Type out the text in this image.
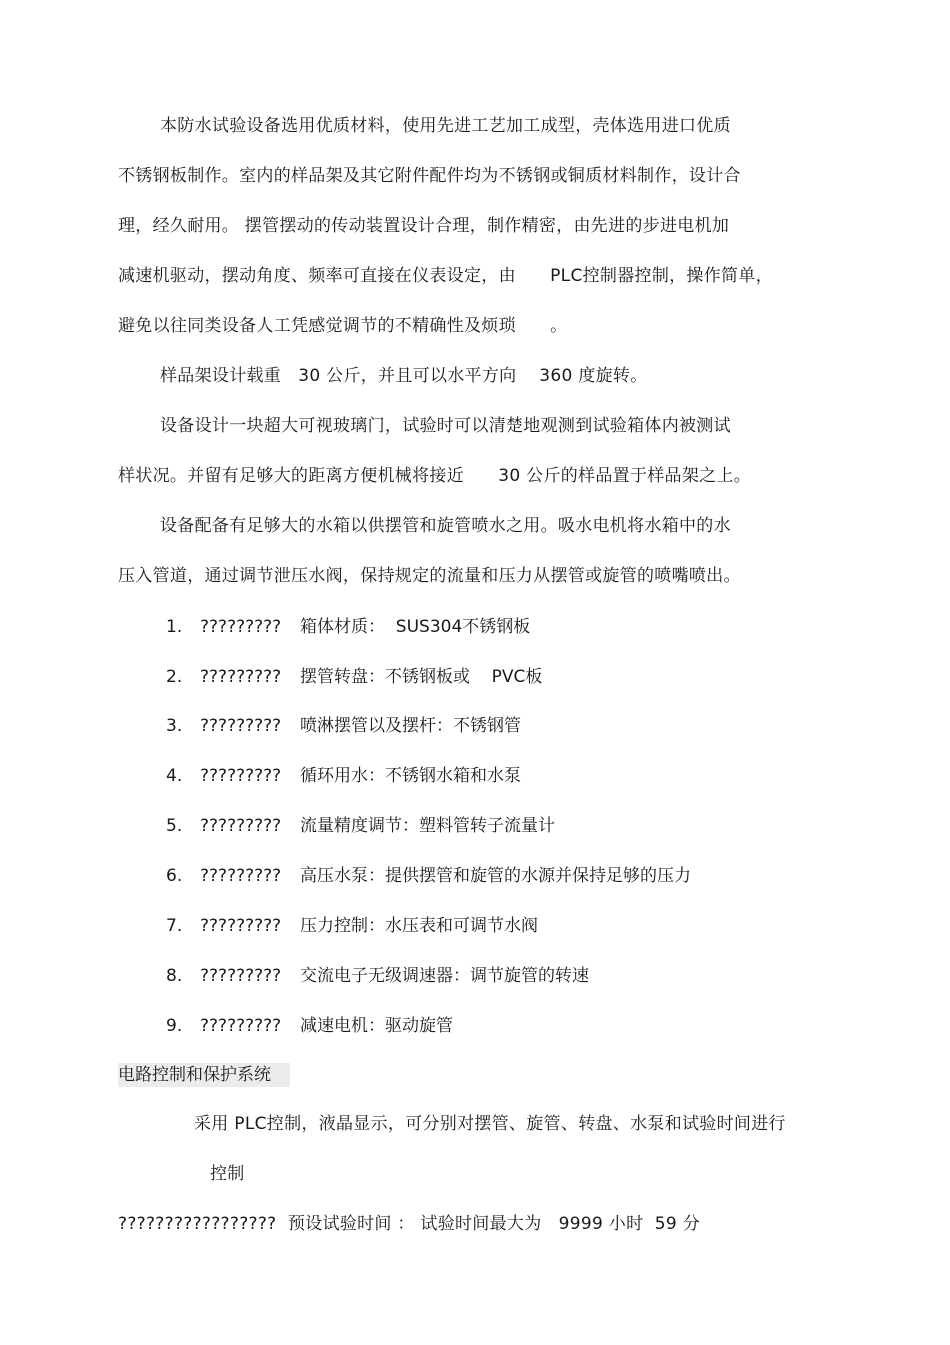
本防水试验设备选用优质材料，使用先进工艺加工成型，壳体选用进口优质
不锈钢板制作。室内的样品架及其它附件配件均为不锈钢或铜质材料制作，设计合
理，经久耐用。 摆管摆动的传动装置设计合理，制作精密，由先进的步进电机加
减速机驱动，摆动角度、频率可直接在仪表设定，由      PLC控制器控制，操作简单，
避免以往同类设备人工凭感觉调节的不精确性及烦琐      。
样品架设计载重   30 公斤，并且可以水平方向    360 度旋转。
设备设计一块超大可视玻璃门，试验时可以清楚地观测到试验箱体内被测试
样状况。并留有足够大的距离方便机械将接近      30 公斤的样品置于样品架之上。
设备配备有足够大的水箱以供摆管和旋管喷水之用。吸水电机将水箱中的水
压入管道，通过调节泄压水阀，保持规定的流量和压力从摆管或旋管的喷嘴喷出。
1.	?????????	箱体材质：  SUS304不锈钢板
2.	?????????	摆管转盘：不锈钢板或    PVC板
3.	?????????	喷淋摆管以及摆杆：不锈钢管
4.	?????????	循环用水：不锈钢水箱和水泵
5.	?????????	流量精度调节：塑料管转子流量计
6.	?????????	高压水泵：提供摆管和旋管的水源并保持足够的压力
7.	?????????	压力控制：水压表和可调节水阀
8.	?????????	交流电子无级调速器：调节旋管的转速
9.	?????????	减速电机：驱动旋管
电路控制和保护系统
采用 PLC控制，液晶显示，可分别对摆管、旋管、转盘、水泵和试验时间进行
控制
?????????????????  预设试验时间 ： 试验时间最大为   9999 小时  59 分
